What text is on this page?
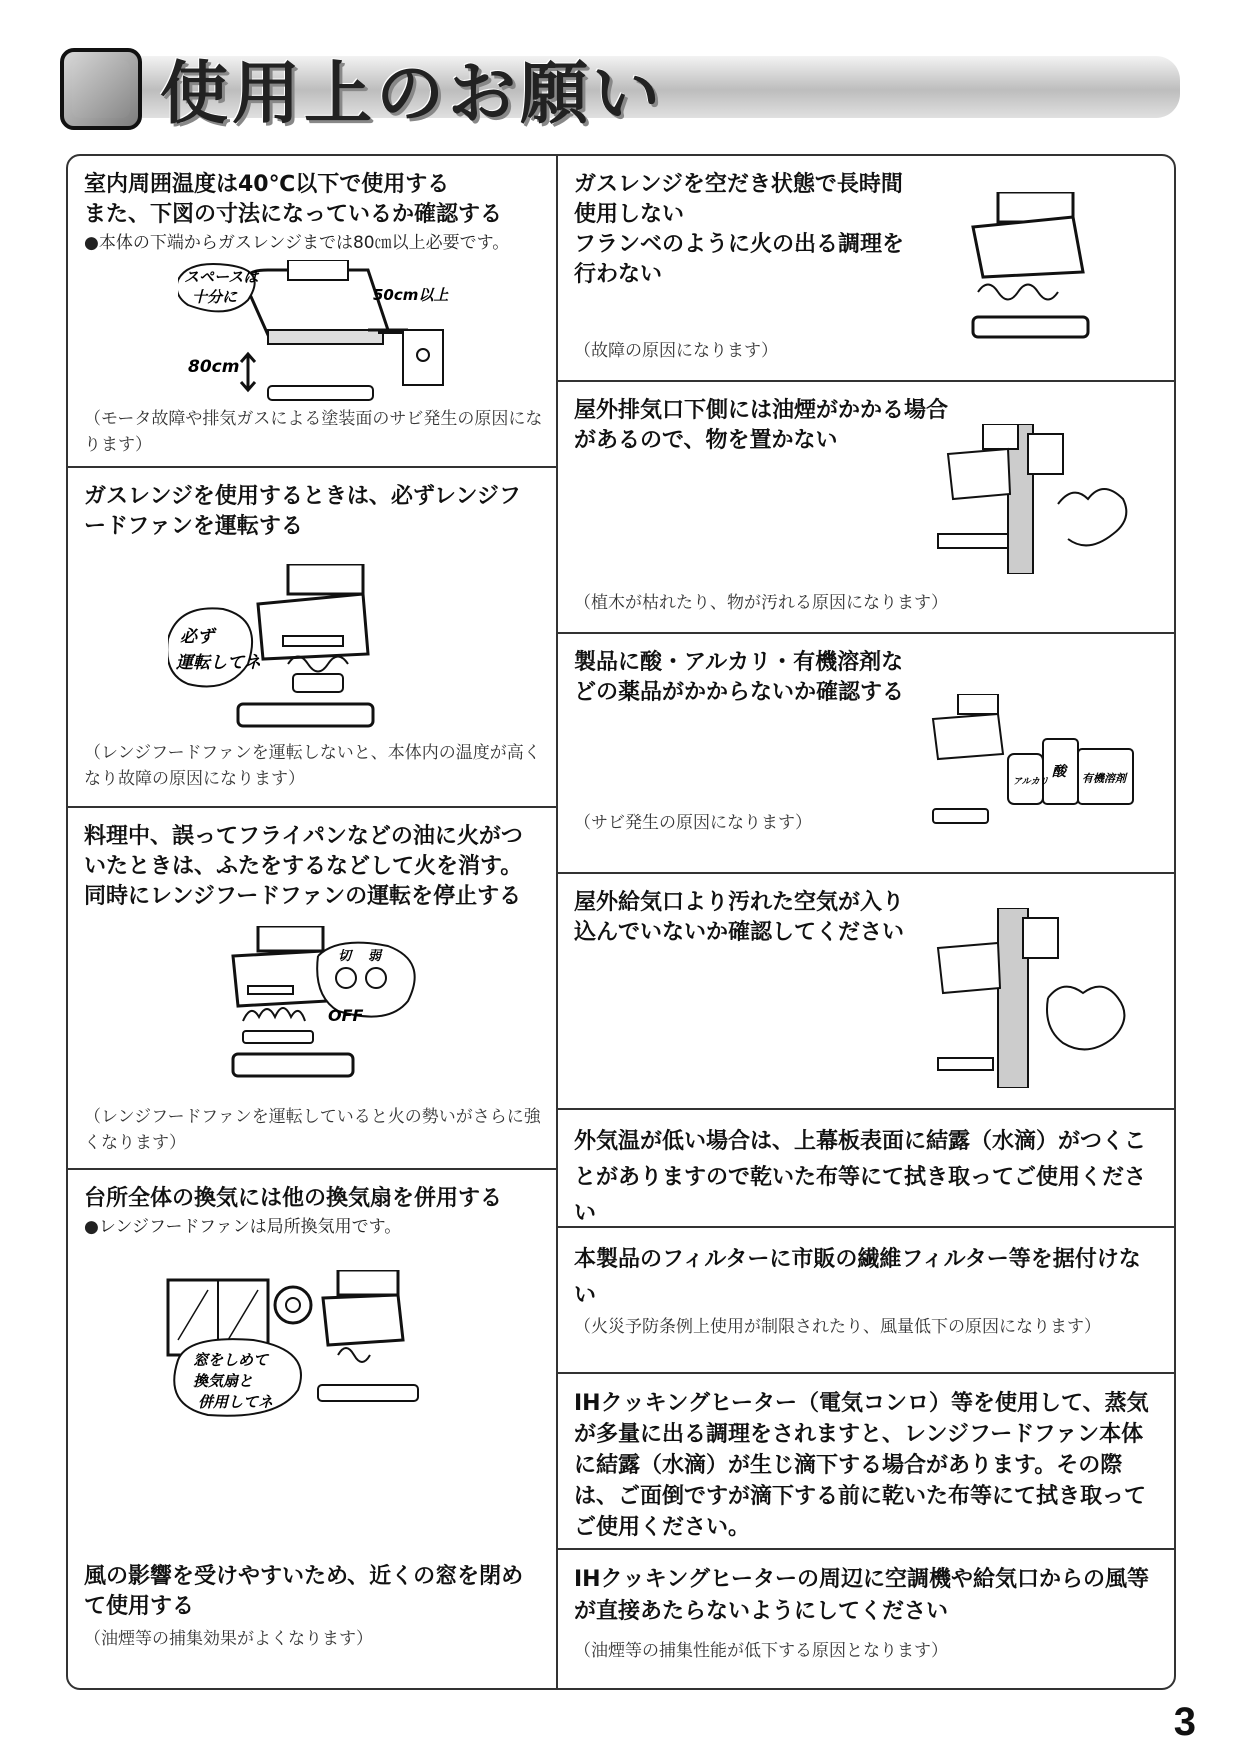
使用上のお願い
室内周囲温度は40℃以下で使用する
また、下図の寸法になっているか確認する
●本体の下端からガスレンジまでは80㎝以上必要です。
スペースは
十分に	50cm以上
80cm
（モータ故障や排気ガスによる塗装面のサビ発生の原因になります）
ガスレンジを使用するときは、必ずレンジフードファンを運転する
必ず
運転してネ
（レンジフードファンを運転しないと、本体内の温度が高くなり故障の原因になります）
料理中、誤ってフライパンなどの油に火がついたときは、ふたをするなどして火を消す。同時にレンジフードファンの運転を停止する
切 弱
OFF
（レンジフードファンを運転していると火の勢いがさらに強くなります）
台所全体の換気には他の換気扇を併用する
●レンジフードファンは局所換気用です。
窓をしめて
換気扇と
併用してネ
風の影響を受けやすいため、近くの窓を閉めて使用する
（油煙等の捕集効果がよくなります）
ガスレンジを空だき状態で長時間使用しない
フランベのように火の出る調理を行わない
（故障の原因になります）
屋外排気口下側には油煙がかかる場合があるので、物を置かない
（植木が枯れたり、物が汚れる原因になります）
製品に酸・アルカリ・有機溶剤などの薬品がかからないか確認する
アルカリ
酸 有機溶剤
（サビ発生の原因になります）
屋外給気口より汚れた空気が入り込んでいないか確認してください
外気温が低い場合は、上幕板表面に結露（水滴）がつくことがありますので乾いた布等にて拭き取ってご使用ください
本製品のフィルターに市販の繊維フィルター等を据付けない
（火災予防条例上使用が制限されたり、風量低下の原因になります）
IHクッキングヒーター（電気コンロ）等を使用して、蒸気が多量に出る調理をされますと、レンジフードファン本体に結露（水滴）が生じ滴下する場合があります。その際は、ご面倒ですが滴下する前に乾いた布等にて拭き取ってご使用ください。
IHクッキングヒーターの周辺に空調機や給気口からの風等が直接あたらないようにしてください
（油煙等の捕集性能が低下する原因となります）
3
